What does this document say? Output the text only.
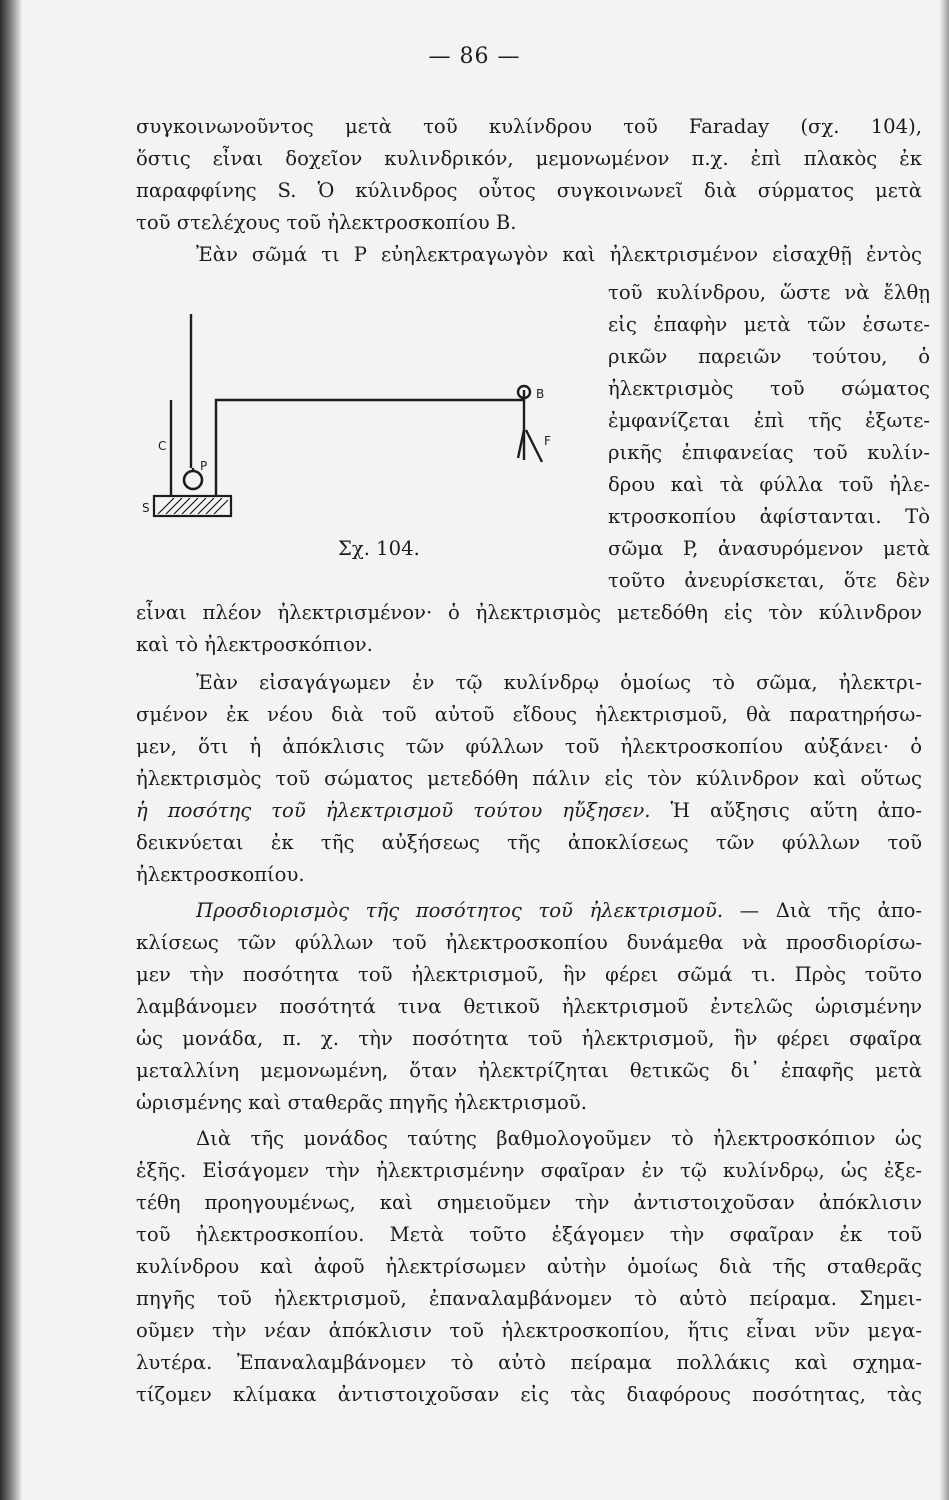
— 86 —
συγκοινωνοῦντος μετὰ τοῦ κυλίνδρου τοῦ Faraday (σχ. 104),
ὅστις εἶναι δοχεῖον κυλινδρικόν, μεμονωμένον π.χ. ἐπὶ πλακὸς ἐκ
παραφφίνης S. Ὁ κύλινδρος οὗτος συγκοινωνεῖ διὰ σύρματος μετὰ
τοῦ στελέχους τοῦ ἠλεκτροσκοπίου B.
Ἐὰν σῶμά τι P εὐηλεκτραγωγὸν καὶ ἠλεκτρισμένον εἰσαχθῇ ἐντὸς
τοῦ κυλίνδρου, ὥστε νὰ ἔλθῃ
εἰς ἐπαφὴν μετὰ τῶν ἐσωτε-
ρικῶν παρειῶν τούτου, ὁ
ἠλεκτρισμὸς τοῦ σώματος
ἐμφανίζεται ἐπὶ τῆς ἐξωτε-
ρικῆς ἐπιφανείας τοῦ κυλίν-
δρου καὶ τὰ φύλλα τοῦ ἠλε-
κτροσκοπίου ἀφίστανται. Τὸ
σῶμα P, ἀνασυρόμενον μετὰ
τοῦτο ἀνευρίσκεται, ὅτε δὲν
C
S
P
B
F
Σχ. 104.
εἶναι πλέον ἠλεκτρισμένον· ὁ ἠλεκτρισμὸς μετεδόθη εἰς τὸν κύλινδρον
καὶ τὸ ἠλεκτροσκόπιον.
Ἐὰν εἰσαγάγωμεν ἐν τῷ κυλίνδρῳ ὁμοίως τὸ σῶμα, ἠλεκτρι-
σμένον ἐκ νέου διὰ τοῦ αὐτοῦ εἴδους ἠλεκτρισμοῦ, θὰ παρατηρήσω-
μεν, ὅτι ἡ ἀπόκλισις τῶν φύλλων τοῦ ἠλεκτροσκοπίου αὐξάνει· ὁ
ἠλεκτρισμὸς τοῦ σώματος μετεδόθη πάλιν εἰς τὸν κύλινδρον καὶ οὕτως
ἡ ποσότης τοῦ ἠλεκτρισμοῦ τούτου ηὔξησεν. Ἡ αὔξησις αὕτη ἀπο-
δεικνύεται ἐκ τῆς αὐξήσεως τῆς ἀποκλίσεως τῶν φύλλων τοῦ
ἠλεκτροσκοπίου.
Προσδιορισμὸς τῆς ποσότητος τοῦ ἠλεκτρισμοῦ. — Διὰ τῆς ἀπο-
κλίσεως τῶν φύλλων τοῦ ἠλεκτροσκοπίου δυνάμεθα νὰ προσδιορίσω-
μεν τὴν ποσότητα τοῦ ἠλεκτρισμοῦ, ἣν φέρει σῶμά τι. Πρὸς τοῦτο
λαμβάνομεν ποσότητά τινα θετικοῦ ἠλεκτρισμοῦ ἐντελῶς ὡρισμένην
ὡς μονάδα, π. χ. τὴν ποσότητα τοῦ ἠλεκτρισμοῦ, ἣν φέρει σφαῖρα
μεταλλίνη μεμονωμένη, ὅταν ἠλεκτρίζηται θετικῶς δι᾽ ἐπαφῆς μετὰ
ὡρισμένης καὶ σταθερᾶς πηγῆς ἠλεκτρισμοῦ.
Διὰ τῆς μονάδος ταύτης βαθμολογοῦμεν τὸ ἠλεκτροσκόπιον ὡς
ἑξῆς. Εἰσάγομεν τὴν ἠλεκτρισμένην σφαῖραν ἐν τῷ κυλίνδρῳ, ὡς ἐξε-
τέθη προηγουμένως, καὶ σημειοῦμεν τὴν ἀντιστοιχοῦσαν ἀπόκλισιν
τοῦ ἠλεκτροσκοπίου. Μετὰ τοῦτο ἐξάγομεν τὴν σφαῖραν ἐκ τοῦ
κυλίνδρου καὶ ἀφοῦ ἠλεκτρίσωμεν αὐτὴν ὁμοίως διὰ τῆς σταθερᾶς
πηγῆς τοῦ ἠλεκτρισμοῦ, ἐπαναλαμβάνομεν τὸ αὐτὸ πείραμα. Σημει-
οῦμεν τὴν νέαν ἀπόκλισιν τοῦ ἠλεκτροσκοπίου, ἥτις εἶναι νῦν μεγα-
λυτέρα. Ἐπαναλαμβάνομεν τὸ αὐτὸ πείραμα πολλάκις καὶ σχημα-
τίζομεν κλίμακα ἀντιστοιχοῦσαν εἰς τὰς διαφόρους ποσότητας, τὰς
